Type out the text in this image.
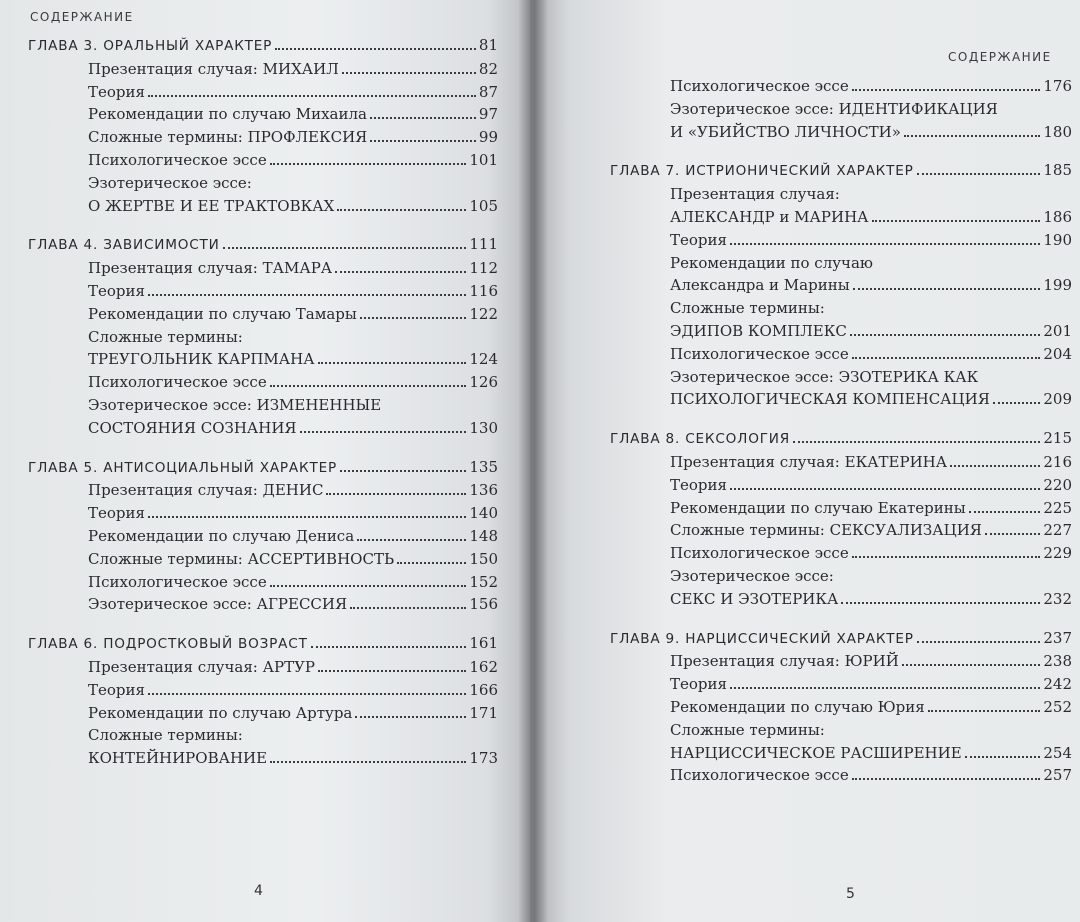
СОДЕРЖАНИЕ
ГЛАВА 3. ОРАЛЬНЫЙ ХАРАКТЕР	81
Презентация случая: МИХАИЛ	82
Теория	87
Рекомендации по случаю Михаила	97
Сложные термины: ПРОФЛЕКСИЯ	99
Психологическое эссе	101
Эзотерическое эссе:
О ЖЕРТВЕ И ЕЕ ТРАКТОВКАХ	105
ГЛАВА 4. ЗАВИСИМОСТИ	111
Презентация случая: ТАМАРА	112
Теория	116
Рекомендации по случаю Тамары	122
Сложные термины:
ТРЕУГОЛЬНИК КАРПМАНА	124
Психологическое эссе	126
Эзотерическое эссе: ИЗМЕНЕННЫЕ
СОСТОЯНИЯ СОЗНАНИЯ	130
ГЛАВА 5. АНТИСОЦИАЛЬНЫЙ ХАРАКТЕР	135
Презентация случая: ДЕНИС	136
Теория	140
Рекомендации по случаю Дениса	148
Сложные термины: АССЕРТИВНОСТЬ	150
Психологическое эссе	152
Эзотерическое эссе: АГРЕССИЯ	156
ГЛАВА 6. ПОДРОСТКОВЫЙ ВОЗРАСТ	161
Презентация случая: АРТУР	162
Теория	166
Рекомендации по случаю Артура	171
Сложные термины:
КОНТЕЙНИРОВАНИЕ	173
4
СОДЕРЖАНИЕ
Психологическое эссе	176
Эзотерическое эссе: ИДЕНТИФИКАЦИЯ
И «УБИЙСТВО ЛИЧНОСТИ»	180
ГЛАВА 7. ИСТРИОНИЧЕСКИЙ ХАРАКТЕР	185
Презентация случая:
АЛЕКСАНДР и МАРИНА	186
Теория	190
Рекомендации по случаю
Александра и Марины	199
Сложные термины:
ЭДИПОВ КОМПЛЕКС	201
Психологическое эссе	204
Эзотерическое эссе: ЭЗОТЕРИКА КАК
ПСИХОЛОГИЧЕСКАЯ КОМПЕНСАЦИЯ	209
ГЛАВА 8. СЕКСОЛОГИЯ	215
Презентация случая: ЕКАТЕРИНА	216
Теория	220
Рекомендации по случаю Екатерины	225
Сложные термины: СЕКСУАЛИЗАЦИЯ	227
Психологическое эссе	229
Эзотерическое эссе:
СЕКС И ЭЗОТЕРИКА	232
ГЛАВА 9. НАРЦИССИЧЕСКИЙ ХАРАКТЕР	237
Презентация случая: ЮРИЙ	238
Теория	242
Рекомендации по случаю Юрия	252
Сложные термины:
НАРЦИССИЧЕСКОЕ РАСШИРЕНИЕ	254
Психологическое эссе	257
5
